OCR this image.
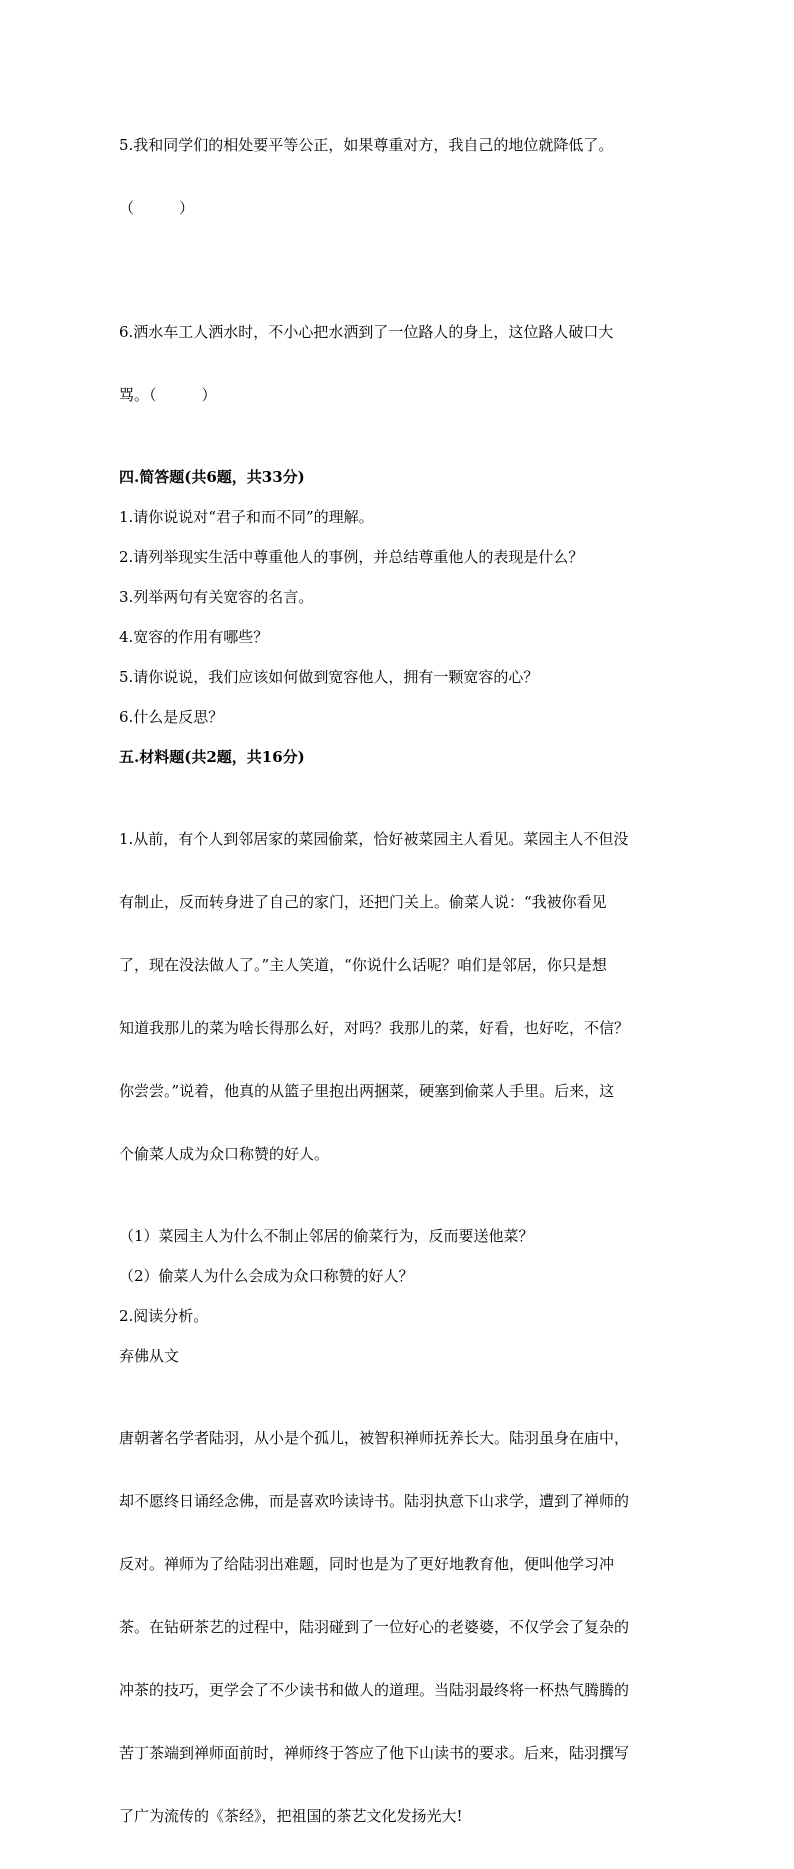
5.我和同学们的相处要平等公正，如果尊重对方，我自己的地位就降低了。

（　　　）

6.洒水车工人洒水时，不小心把水洒到了一位路人的身上，这位路人破口大

骂。（　　　）

四.简答题(共6题，共33分)

1.请你说说对“君子和而不同”的理解。

2.请列举现实生活中尊重他人的事例，并总结尊重他人的表现是什么？

3.列举两句有关宽容的名言。

4.宽容的作用有哪些？

5.请你说说，我们应该如何做到宽容他人，拥有一颗宽容的心？

6.什么是反思？

五.材料题(共2题，共16分)

1.从前，有个人到邻居家的菜园偷菜，恰好被菜园主人看见。菜园主人不但没

有制止，反而转身进了自己的家门，还把门关上。偷菜人说：“我被你看见

了，现在没法做人了。”主人笑道，“你说什么话呢？咱们是邻居，你只是想

知道我那儿的菜为啥长得那么好，对吗？我那儿的菜，好看，也好吃，不信？

你尝尝。”说着，他真的从篮子里抱出两捆菜，硬塞到偷菜人手里。后来，这

个偷菜人成为众口称赞的好人。

（1）菜园主人为什么不制止邻居的偷菜行为，反而要送他菜？

（2）偷菜人为什么会成为众口称赞的好人？

2.阅读分析。

弃佛从文

唐朝著名学者陆羽，从小是个孤儿，被智积禅师抚养长大。陆羽虽身在庙中，

却不愿终日诵经念佛，而是喜欢吟读诗书。陆羽执意下山求学，遭到了禅师的

反对。禅师为了给陆羽出难题，同时也是为了更好地教育他，便叫他学习冲

茶。在钻研茶艺的过程中，陆羽碰到了一位好心的老婆婆，不仅学会了复杂的

冲茶的技巧，更学会了不少读书和做人的道理。当陆羽最终将一杯热气腾腾的

苦丁茶端到禅师面前时，禅师终于答应了他下山读书的要求。后来，陆羽撰写

了广为流传的《茶经》，把祖国的茶艺文化发扬光大!
